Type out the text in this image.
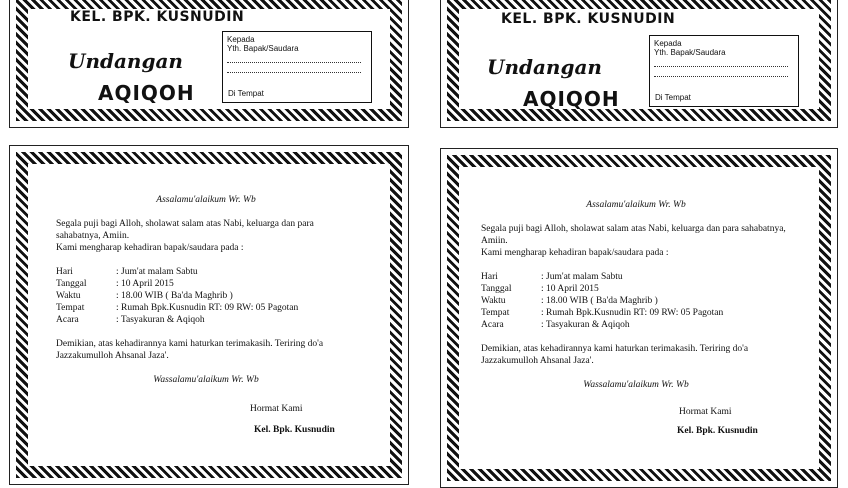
KEL. BPK. KUSNUDIN
Undangan
AQIQOH
Kepada
Yth. Bapak/Saudara
Di Tempat
KEL. BPK. KUSNUDIN
Undangan
AQIQOH
Kepada
Yth. Bapak/Saudara
Di Tempat
Assalamu'alaikum Wr. Wb
Segala puji bagi Alloh, sholawat salam atas Nabi, keluarga dan para sahabatnya, Amiin.
Kami mengharap kehadiran bapak/saudara pada :
Hari	: Jum'at malam Sabtu
Tanggal	: 10 April 2015
Waktu	: 18.00 WIB ( Ba'da Maghrib )
Tempat	: Rumah Bpk.Kusnudin RT: 09 RW: 05 Pagotan
Acara	: Tasyakuran & Aqiqoh
Demikian, atas kehadirannya kami haturkan terimakasih. Teriring do'a Jazzakumulloh Ahsanal Jaza'.
Wassalamu'alaikum Wr. Wb
Hormat Kami
Kel. Bpk. Kusnudin
Assalamu'alaikum Wr. Wb
Segala puji bagi Alloh, sholawat salam atas Nabi, keluarga dan para sahabatnya, Amiin.
Kami mengharap kehadiran bapak/saudara pada :
Hari	: Jum'at malam Sabtu
Tanggal	: 10 April 2015
Waktu	: 18.00 WIB ( Ba'da Maghrib )
Tempat	: Rumah Bpk.Kusnudin RT: 09 RW: 05 Pagotan
Acara	: Tasyakuran & Aqiqoh
Demikian, atas kehadirannya kami haturkan terimakasih. Teriring do'a Jazzakumulloh Ahsanal Jaza'.
Wassalamu'alaikum Wr. Wb
Hormat Kami
Kel. Bpk. Kusnudin
